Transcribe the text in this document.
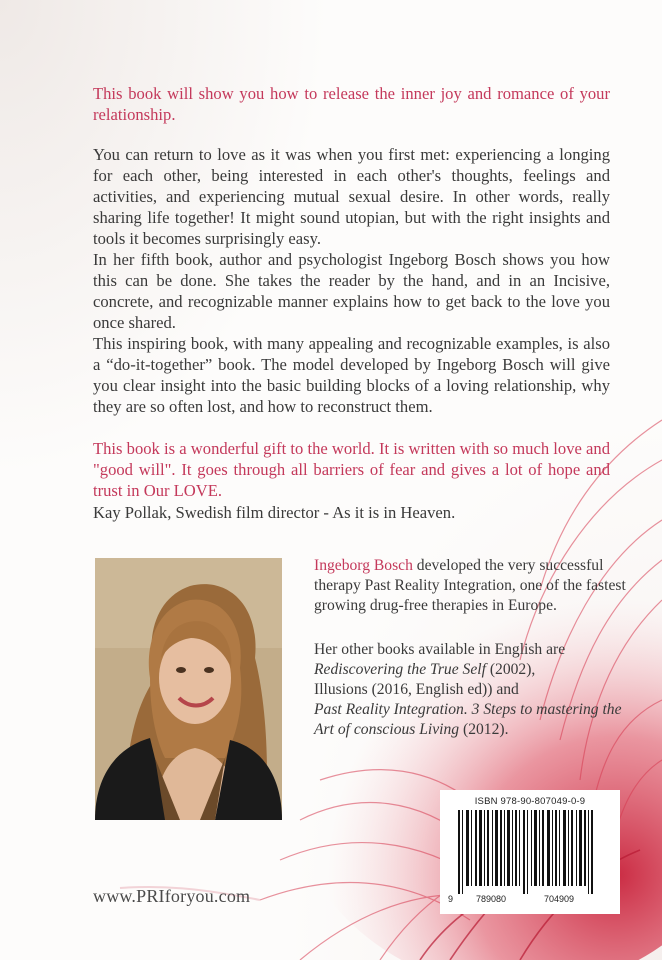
This book will show you how to release the inner joy and romance of your relationship.

You can return to love as it was when you first met: experiencing a longing for each other, being interested in each other's thoughts, feelings and activities, and experiencing mutual sexual desire. In other words, really sharing life together! It might sound utopian, but with the right insights and tools it becomes surprisingly easy.

In her fifth book, author and psychologist Ingeborg Bosch shows you how this can be done. She takes the reader by the hand, and in an Incisive, concrete, and recognizable manner explains how to get back to the love you once shared.

This inspiring book, with many appealing and recognizable examples, is also a “do-it-together” book. The model developed by Ingeborg Bosch will give you clear insight into the basic building blocks of a loving relationship, why they are so often lost, and how to reconstruct them.

This book is a wonderful gift to the world. It is written with so much love and "good will". It goes through all barriers of fear and gives a lot of hope and trust in Our LOVE.

Kay Pollak, Swedish film director - As it is in Heaven.

Ingeborg Bosch developed the very successful therapy Past Reality Integration, one of the fastest growing drug-free therapies in Europe.

Her other books available in English are Rediscovering the True Self (2002),
Illusions (2016, English ed)) and
Past Reality Integration. 3 Steps to mastering the Art of conscious Living (2012).

ISBN 978-90-807049-0-9
9	789080	704909
www.PRIforyou.com
